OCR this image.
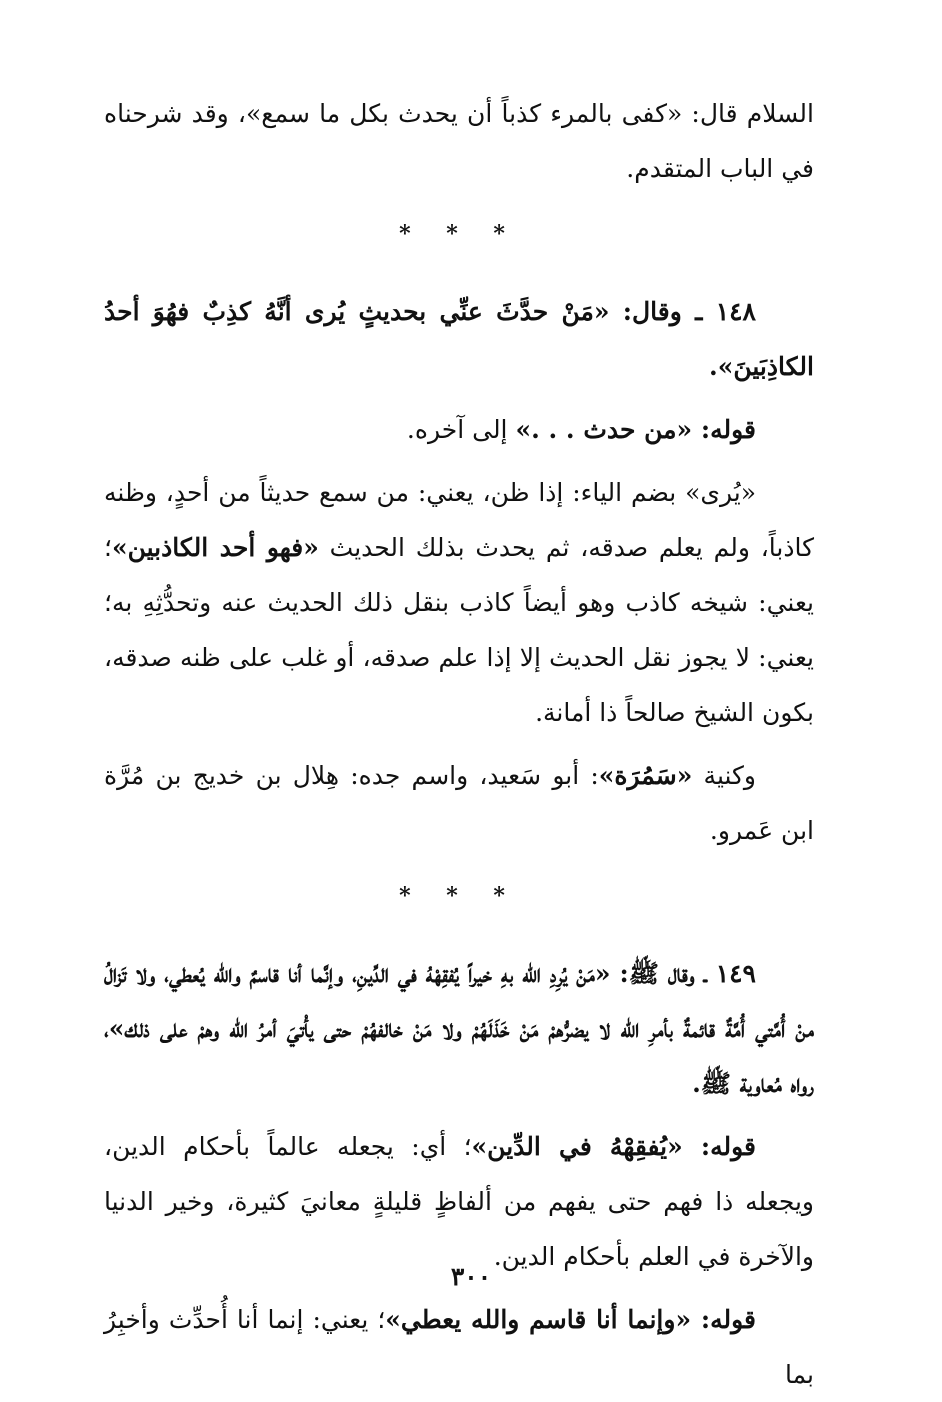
السلام قال: «كفى بالمرء كذباً أن يحدث بكل ما سمع»، وقد شرحناه في الباب المتقدم.

* * *

١٤٨ ـ وقال: «مَنْ حدَّثَ عنِّي بحديثٍ يُرى أنَّهُ كذِبٌ فهُوَ أحدُ الكاذِبَينَ».

قوله: «من حدث . . .» إلى آخره.

«يُرى» بضم الياء: إذا ظن، يعني: من سمع حديثاً من أحدٍ، وظنه كاذباً، ولم يعلم صدقه، ثم يحدث بذلك الحديث «فهو أحد الكاذبين»؛ يعني: شيخه كاذب وهو أيضاً كاذب بنقل ذلك الحديث عنه وتحدُّثِهِ به؛ يعني: لا يجوز نقل الحديث إلا إذا علم صدقه، أو غلب على ظنه صدقه، بكون الشيخ صالحاً ذا أمانة.

وكنية «سَمُرَة»: أبو سَعيد، واسم جده: هِلال بن خديج بن مُرَّة ابن عَمرو.

* * *

١٤٩ ـ وقال ﷺ: «مَنْ يُرِدِ الله بهِ خيراً يُفقِهْهُ في الدِّينِ، وإنَّما أنا قاسمٌ والله يُعطي، ولا تَزالُ منْ أُمَّتي أُمَّةٌ قائمةٌ بأمرِ الله لا يضرُّهمْ مَنْ خَذَلَهُمْ ولا مَنْ خالفهُمْ حتى يأْتيَ أمرُ الله وهمْ على ذلك»، رواه مُعاوية ﷺ.

قوله: «يُفقِهْهُ في الدِّين»؛ أي: يجعله عالماً بأحكام الدين، ويجعله ذا فهم حتى يفهم من ألفاظٍ قليلةٍ معانيَ كثيرة، وخير الدنيا والآخرة في العلم بأحكام الدين.

قوله: «وإنما أنا قاسم والله يعطي»؛ يعني: إنما أنا أُحدِّث وأخبِرُ بما

٣٠٠
